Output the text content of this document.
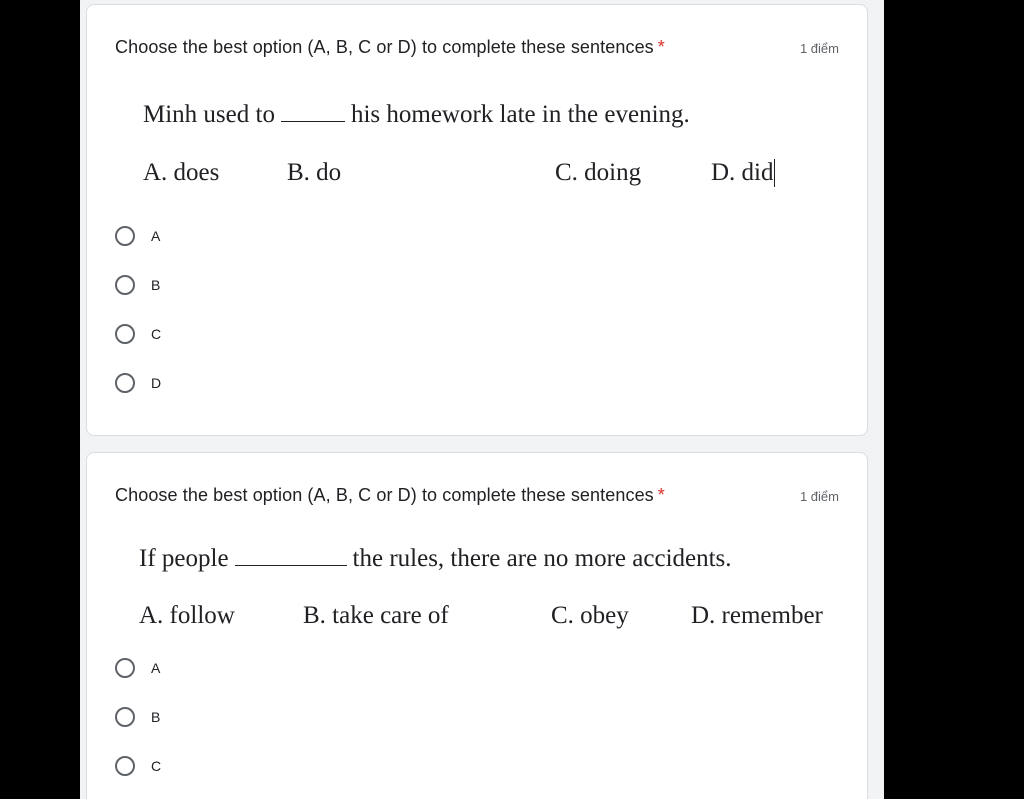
Choose the best option (A, B, C or D) to complete these sentences *	1 điểm
Minh used to	his homework late in the evening.
A. does	B. do	C. doing	D. did
A
B
C
D
Choose the best option (A, B, C or D) to complete these sentences *	1 điểm
If people	the rules, there are no more accidents.
A. follow	B. take care of	C. obey D. remember
A
B
C
